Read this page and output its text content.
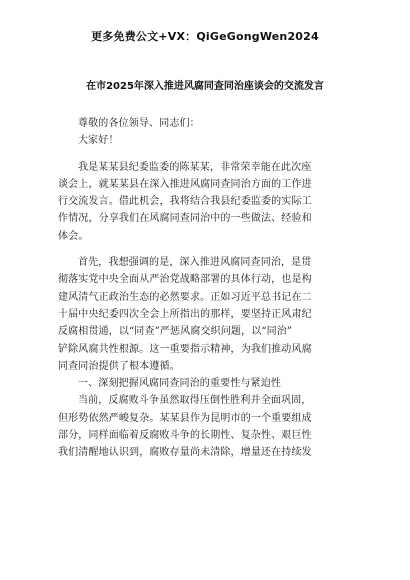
更多免费公文+VX：QiGeGongWen2024
在市2025年深入推进风腐同查同治座谈会的交流发言

尊敬的各位领导、同志们：

大家好！

我是某某县纪委监委的陈某某，非常荣幸能在此次座

谈会上，就某某县在深入推进风腐同查同治方面的工作进

行交流发言。借此机会，我将结合我县纪委监委的实际工

作情况，分享我们在风腐同查同治中的一些做法、经验和

体会。

首先，我想强调的是，深入推进风腐同查同治，是贯

彻落实党中央全面从严治党战略部署的具体行动，也是构

建风清气正政治生态的必然要求。正如习近平总书记在二

十届中央纪委四次全会上所指出的那样，要坚持正风肃纪

反腐相贯通，以“同查”严惩风腐交织问题，以“同治”

铲除风腐共性根源。这一重要指示精神，为我们推动风腐

同查同治提供了根本遵循。

一、深刻把握风腐同查同治的重要性与紧迫性

当前，反腐败斗争虽然取得压倒性胜利并全面巩固，

但形势依然严峻复杂。某某县作为昆明市的一个重要组成

部分，同样面临着反腐败斗争的长期性、复杂性、艰巨性

我们清醒地认识到，腐败存量尚未清除，增量还在持续发
